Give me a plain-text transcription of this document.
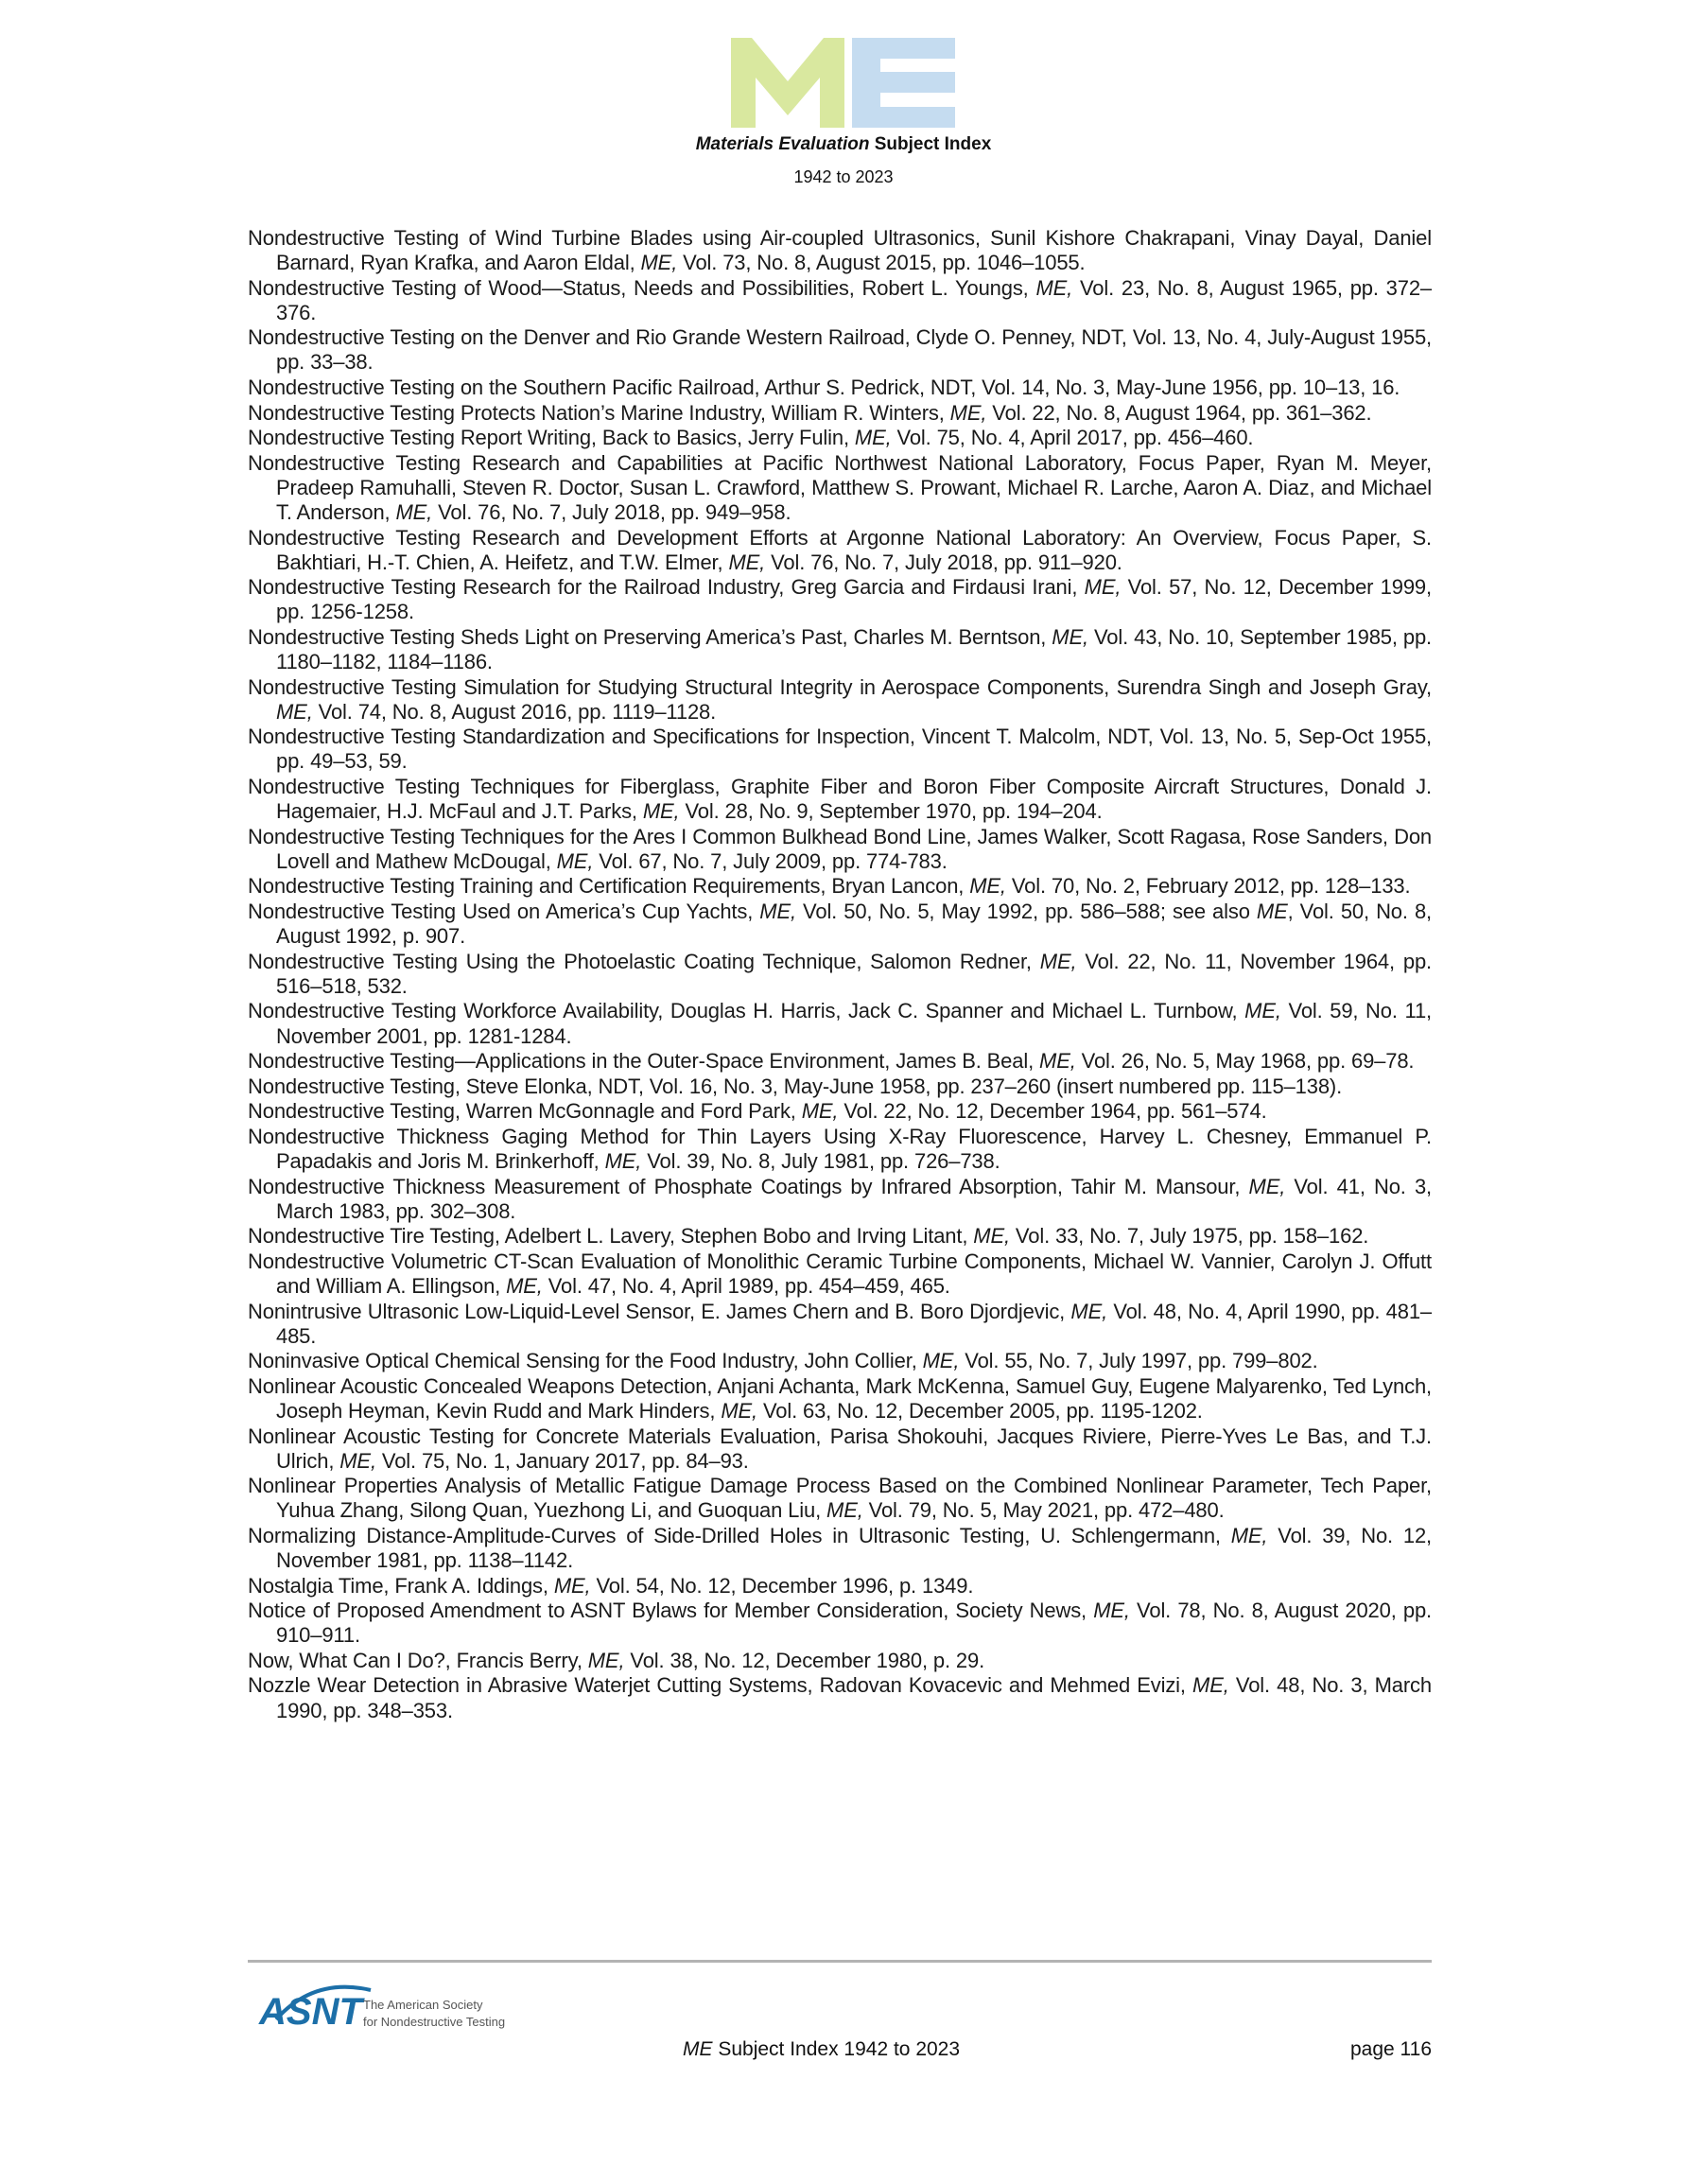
Materials Evaluation Subject Index
1942 to 2023
Nondestructive Testing of Wind Turbine Blades using Air-coupled Ultrasonics, Sunil Kishore Chakrapani, Vinay Dayal, Daniel Barnard, Ryan Krafka, and Aaron Eldal, ME, Vol. 73, No. 8, August 2015, pp. 1046–1055.
Nondestructive Testing of Wood—Status, Needs and Possibilities, Robert L. Youngs, ME, Vol. 23, No. 8, August 1965, pp. 372–376.
Nondestructive Testing on the Denver and Rio Grande Western Railroad, Clyde O. Penney, NDT, Vol. 13, No. 4, July-August 1955, pp. 33–38.
Nondestructive Testing on the Southern Pacific Railroad, Arthur S. Pedrick, NDT, Vol. 14, No. 3, May-June 1956, pp. 10–13, 16.
Nondestructive Testing Protects Nation’s Marine Industry, William R. Winters, ME, Vol. 22, No. 8, August 1964, pp. 361–362.
Nondestructive Testing Report Writing, Back to Basics, Jerry Fulin, ME, Vol. 75, No. 4, April 2017, pp. 456–460.
Nondestructive Testing Research and Capabilities at Pacific Northwest National Laboratory, Focus Paper, Ryan M. Meyer, Pradeep Ramuhalli, Steven R. Doctor, Susan L. Crawford, Matthew S. Prowant, Michael R. Larche, Aaron A. Diaz, and Michael T. Anderson, ME, Vol. 76, No. 7, July 2018, pp. 949–958.
Nondestructive Testing Research and Development Efforts at Argonne National Laboratory: An Overview, Focus Paper, S. Bakhtiari, H.-T. Chien, A. Heifetz, and T.W. Elmer, ME, Vol. 76, No. 7, July 2018, pp. 911–920.
Nondestructive Testing Research for the Railroad Industry, Greg Garcia and Firdausi Irani, ME, Vol. 57, No. 12, December 1999, pp. 1256-1258.
Nondestructive Testing Sheds Light on Preserving America’s Past, Charles M. Berntson, ME, Vol. 43, No. 10, September 1985, pp. 1180–1182, 1184–1186.
Nondestructive Testing Simulation for Studying Structural Integrity in Aerospace Components, Surendra Singh and Joseph Gray, ME, Vol. 74, No. 8, August 2016, pp. 1119–1128.
Nondestructive Testing Standardization and Specifications for Inspection, Vincent T. Malcolm, NDT, Vol. 13, No. 5, Sep-Oct 1955, pp. 49–53, 59.
Nondestructive Testing Techniques for Fiberglass, Graphite Fiber and Boron Fiber Composite Aircraft Structures, Donald J. Hagemaier, H.J. McFaul and J.T. Parks, ME, Vol. 28, No. 9, September 1970, pp. 194–204.
Nondestructive Testing Techniques for the Ares I Common Bulkhead Bond Line, James Walker, Scott Ragasa, Rose Sanders, Don Lovell and Mathew McDougal, ME, Vol. 67, No. 7, July 2009, pp. 774-783.
Nondestructive Testing Training and Certification Requirements, Bryan Lancon, ME, Vol. 70, No. 2, February 2012, pp. 128–133.
Nondestructive Testing Used on America’s Cup Yachts, ME, Vol. 50, No. 5, May 1992, pp. 586–588; see also ME, Vol. 50, No. 8, August 1992, p. 907.
Nondestructive Testing Using the Photoelastic Coating Technique, Salomon Redner, ME, Vol. 22, No. 11, November 1964, pp. 516–518, 532.
Nondestructive Testing Workforce Availability, Douglas H. Harris, Jack C. Spanner and Michael L. Turnbow, ME, Vol. 59, No. 11, November 2001, pp. 1281-1284.
Nondestructive Testing—Applications in the Outer-Space Environment, James B. Beal, ME, Vol. 26, No. 5, May 1968, pp. 69–78.
Nondestructive Testing, Steve Elonka, NDT, Vol. 16, No. 3, May-June 1958, pp. 237–260 (insert numbered pp. 115–138).
Nondestructive Testing, Warren McGonnagle and Ford Park, ME, Vol. 22, No. 12, December 1964, pp. 561–574.
Nondestructive Thickness Gaging Method for Thin Layers Using X-Ray Fluorescence, Harvey L. Chesney, Emmanuel P. Papadakis and Joris M. Brinkerhoff, ME, Vol. 39, No. 8, July 1981, pp. 726–738.
Nondestructive Thickness Measurement of Phosphate Coatings by Infrared Absorption, Tahir M. Mansour, ME, Vol. 41, No. 3, March 1983, pp. 302–308.
Nondestructive Tire Testing, Adelbert L. Lavery, Stephen Bobo and Irving Litant, ME, Vol. 33, No. 7, July 1975, pp. 158–162.
Nondestructive Volumetric CT-Scan Evaluation of Monolithic Ceramic Turbine Components, Michael W. Vannier, Carolyn J. Offutt and William A. Ellingson, ME, Vol. 47, No. 4, April 1989, pp. 454–459, 465.
Nonintrusive Ultrasonic Low-Liquid-Level Sensor, E. James Chern and B. Boro Djordjevic, ME, Vol. 48, No. 4, April 1990, pp. 481–485.
Noninvasive Optical Chemical Sensing for the Food Industry, John Collier, ME, Vol. 55, No. 7, July 1997, pp. 799–802.
Nonlinear Acoustic Concealed Weapons Detection, Anjani Achanta, Mark McKenna, Samuel Guy, Eugene Malyarenko, Ted Lynch, Joseph Heyman, Kevin Rudd and Mark Hinders, ME, Vol. 63, No. 12, December 2005, pp. 1195-1202.
Nonlinear Acoustic Testing for Concrete Materials Evaluation, Parisa Shokouhi, Jacques Riviere, Pierre-Yves Le Bas, and T.J. Ulrich, ME, Vol. 75, No. 1, January 2017, pp. 84–93.
Nonlinear Properties Analysis of Metallic Fatigue Damage Process Based on the Combined Nonlinear Parameter, Tech Paper, Yuhua Zhang, Silong Quan, Yuezhong Li, and Guoquan Liu, ME, Vol. 79, No. 5, May 2021, pp. 472–480.
Normalizing Distance-Amplitude-Curves of Side-Drilled Holes in Ultrasonic Testing, U. Schlengermann, ME, Vol. 39, No. 12, November 1981, pp. 1138–1142.
Nostalgia Time, Frank A. Iddings, ME, Vol. 54, No. 12, December 1996, p. 1349.
Notice of Proposed Amendment to ASNT Bylaws for Member Consideration, Society News, ME, Vol. 78, No. 8, August 2020, pp. 910–911.
Now, What Can I Do?, Francis Berry, ME, Vol. 38, No. 12, December 1980, p. 29.
Nozzle Wear Detection in Abrasive Waterjet Cutting Systems, Radovan Kovacevic and Mehmed Evizi, ME, Vol. 48, No. 3, March 1990, pp. 348–353.
ASNT The American Society
for Nondestructive Testing
ME Subject Index 1942 to 2023	page 116
